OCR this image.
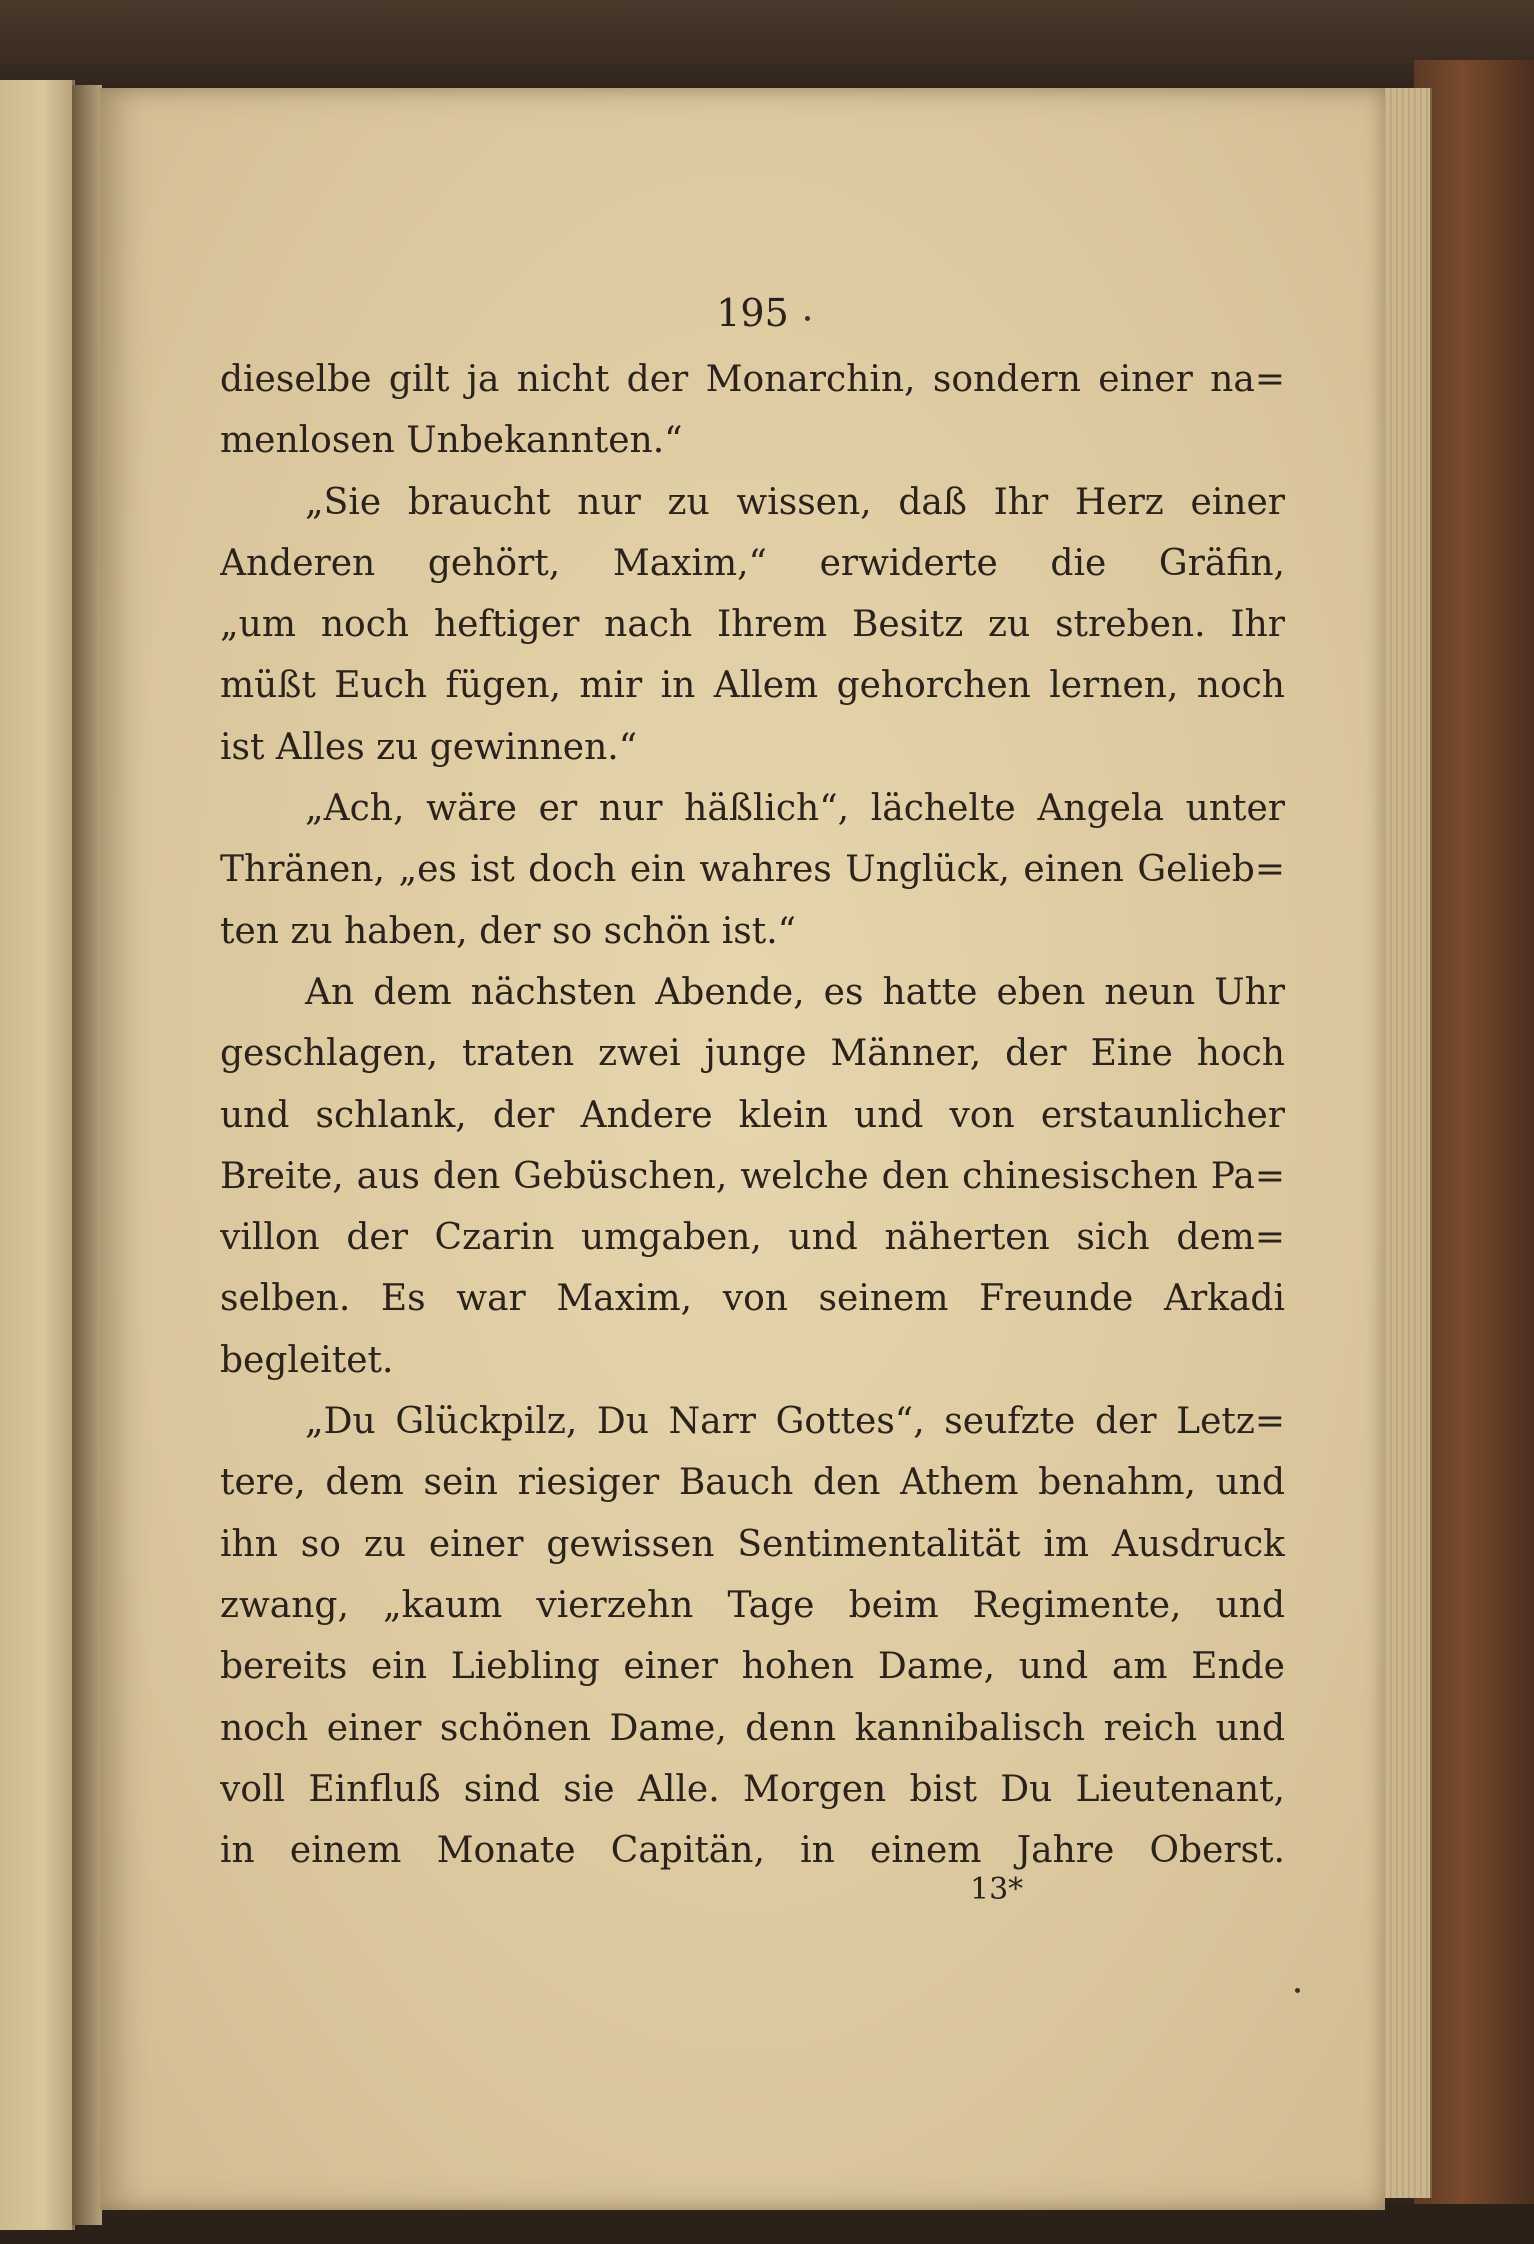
195
dieselbe gilt ja nicht der Monarchin, sondern einer na=
menlosen Unbekannten.“
„Sie braucht nur zu wissen, daß Ihr Herz einer
Anderen gehört, Maxim,“ erwiderte die Gräfin,
„um noch heftiger nach Ihrem Besitz zu streben. Ihr
müßt Euch fügen, mir in Allem gehorchen lernen, noch
ist Alles zu gewinnen.“
„Ach, wäre er nur häßlich“, lächelte Angela unter
Thränen, „es ist doch ein wahres Unglück, einen Gelieb=
ten zu haben, der so schön ist.“
An dem nächsten Abende, es hatte eben neun Uhr
geschlagen, traten zwei junge Männer, der Eine hoch
und schlank, der Andere klein und von erstaunlicher
Breite, aus den Gebüschen, welche den chinesischen Pa=
villon der Czarin umgaben, und näherten sich dem=
selben. Es war Maxim, von seinem Freunde Arkadi
begleitet.
„Du Glückpilz, Du Narr Gottes“, seufzte der Letz=
tere, dem sein riesiger Bauch den Athem benahm, und
ihn so zu einer gewissen Sentimentalität im Ausdruck
zwang, „kaum vierzehn Tage beim Regimente, und
bereits ein Liebling einer hohen Dame, und am Ende
noch einer schönen Dame, denn kannibalisch reich und
voll Einfluß sind sie Alle. Morgen bist Du Lieutenant,
in einem Monate Capitän, in einem Jahre Oberst.
13*
